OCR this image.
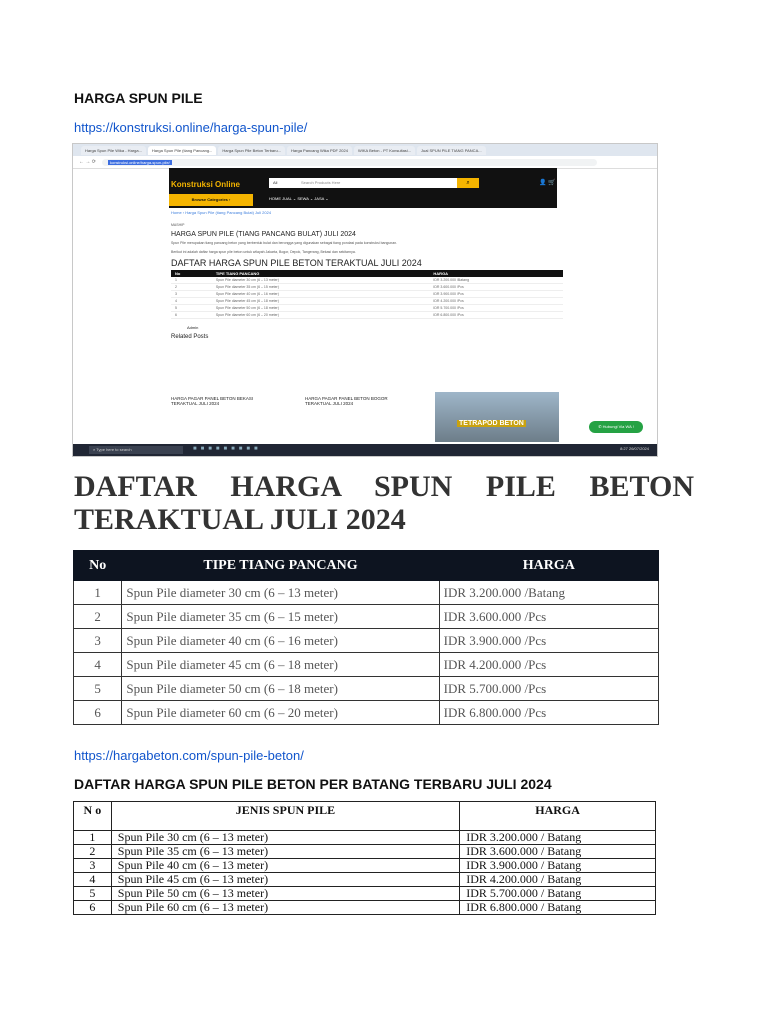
HARGA SPUN PILE
https://konstruksi.online/harga-spun-pile/
Harga Spun Pile Wika - Harga...	Harga Spun Pile (tiang Pancang...	Harga Spun Pile Beton Terbaru...	Harga Pancang Wika PDF 2024	WIKA Beton - PT Konsultasi...	Jual SPUN PILE TIANG PANCA...
← → ⟳	konstruksi.online/harga-spun-pile/
Konstruksi Online	All	Search Products Here	⌕	👤 🛒
Browse Categories ›	HOME JUAL ⌄ SEWA ⌄ JASA ⌄
Home › Harga Spun Pile (tiang Pancang Bulat) Juli 2024
MASHIP
HARGA SPUN PILE (TIANG PANCANG BULAT) JULI 2024
Spun Pile merupakan tiang pancang beton yang berbentuk bulat dan berongga yang digunakan sebagai tiang pondasi pada konstruksi bangunan.
Berikut ini adalah daftar harga spun pile beton untuk wilayah Jakarta, Bogor, Depok, Tangerang, Bekasi dan sekitarnya.
DAFTAR HARGA SPUN PILE BETON TERAKTUAL JULI 2024
No	TIPE TIANG PANCANG	HARGA
1	Spun Pile diameter 30 cm (6 – 13 meter)	IDR 3.200.000 /Batang
2	Spun Pile diameter 35 cm (6 – 15 meter)	IDR 3.600.000 /Pcs
3	Spun Pile diameter 40 cm (6 – 16 meter)	IDR 3.900.000 /Pcs
4	Spun Pile diameter 45 cm (6 – 18 meter)	IDR 4.200.000 /Pcs
5	Spun Pile diameter 50 cm (6 – 18 meter)	IDR 5.700.000 /Pcs
6	Spun Pile diameter 60 cm (6 – 20 meter)	IDR 6.800.000 /Pcs
Admin
Related Posts
HARGA PAGAR PANEL BETON BEKASI TERAKTUAL JULI 2024
HARGA PAGAR PANEL BETON BOGOR TERAKTUAL JULI 2024
TETRAPOD BETON	✆ Hubungi Via WA !
⌕ Type here to search	■■■■■■■■■	8:27 26/07/2024
DAFTAR HARGA SPUN PILE BETON
TERAKTUAL JULI 2024
No	TIPE TIANG PANCANG	HARGA
1	Spun Pile diameter 30 cm (6 – 13 meter)	IDR 3.200.000 /Batang
2	Spun Pile diameter 35 cm (6 – 15 meter)	IDR 3.600.000 /Pcs
3	Spun Pile diameter 40 cm (6 – 16 meter)	IDR 3.900.000 /Pcs
4	Spun Pile diameter 45 cm (6 – 18 meter)	IDR 4.200.000 /Pcs
5	Spun Pile diameter 50 cm (6 – 18 meter)	IDR 5.700.000 /Pcs
6	Spun Pile diameter 60 cm (6 – 20 meter)	IDR 6.800.000 /Pcs
https://hargabeton.com/spun-pile-beton/
DAFTAR HARGA SPUN PILE BETON PER BATANG TERBARU JULI 2024
N o	JENIS SPUN PILE	HARGA
1	Spun Pile 30 cm (6 – 13 meter)	IDR 3.200.000 / Batang
2	Spun Pile 35 cm (6 – 13 meter)	IDR 3.600.000 / Batang
3	Spun Pile 40 cm (6 – 13 meter)	IDR 3.900.000 / Batang
4	Spun Pile 45 cm (6 – 13 meter)	IDR 4.200.000 / Batang
5	Spun Pile 50 cm (6 – 13 meter)	IDR 5.700.000 / Batang
6	Spun Pile 60 cm (6 – 13 meter)	IDR 6.800.000 / Batang
